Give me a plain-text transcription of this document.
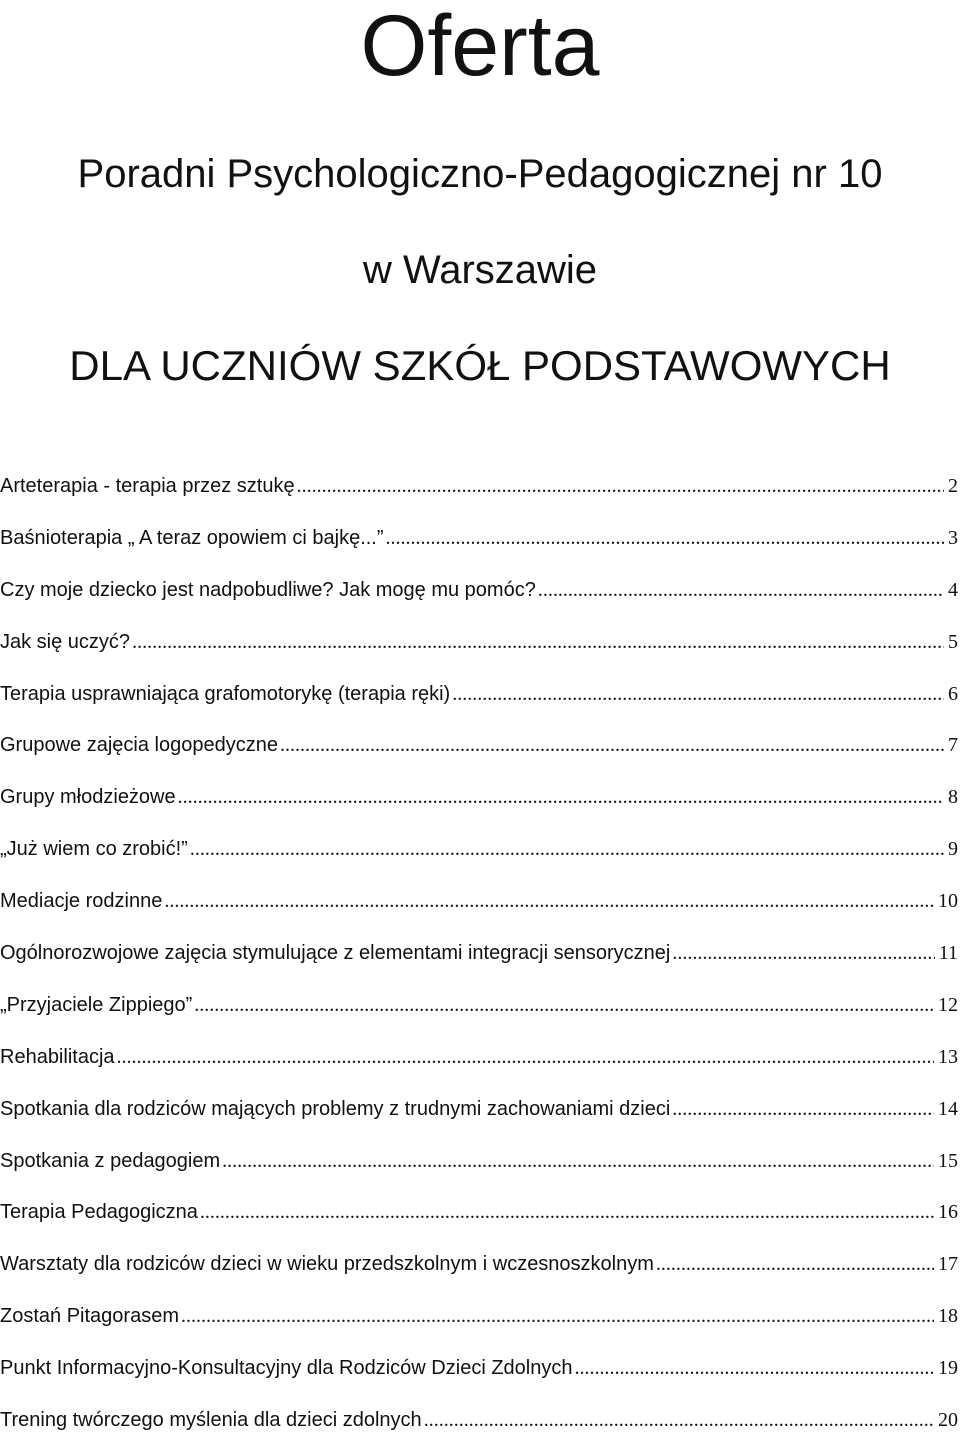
Oferta
Poradni Psychologiczno-Pedagogicznej nr 10
w Warszawie
DLA UCZNIÓW SZKÓŁ PODSTAWOWYCH
Arteterapia - terapia przez sztukę .....	2
Baśnioterapia „ A teraz opowiem ci bajkę...” .....	3
Czy moje dziecko jest nadpobudliwe? Jak mogę mu pomóc? .....	4
Jak się uczyć? .....	5
Terapia usprawniająca grafomotorykę (terapia ręki) .....	6
Grupowe zajęcia logopedyczne .....	7
Grupy młodzieżowe .....	8
„Już wiem co zrobić!” .....	9
Mediacje rodzinne .....	10
Ogólnorozwojowe zajęcia stymulujące z elementami integracji sensorycznej .....	11
„Przyjaciele Zippiego” .....	12
Rehabilitacja .....	13
Spotkania dla rodziców mających problemy z trudnymi zachowaniami dzieci .....	14
Spotkania z pedagogiem .....	15
Terapia Pedagogiczna .....	16
Warsztaty dla rodziców dzieci w wieku przedszkolnym i wczesnoszkolnym .....	17
Zostań Pitagorasem .....	18
Punkt Informacyjno-Konsultacyjny dla Rodziców Dzieci Zdolnych .....	19
Trening twórczego myślenia dla dzieci zdolnych .....	20
